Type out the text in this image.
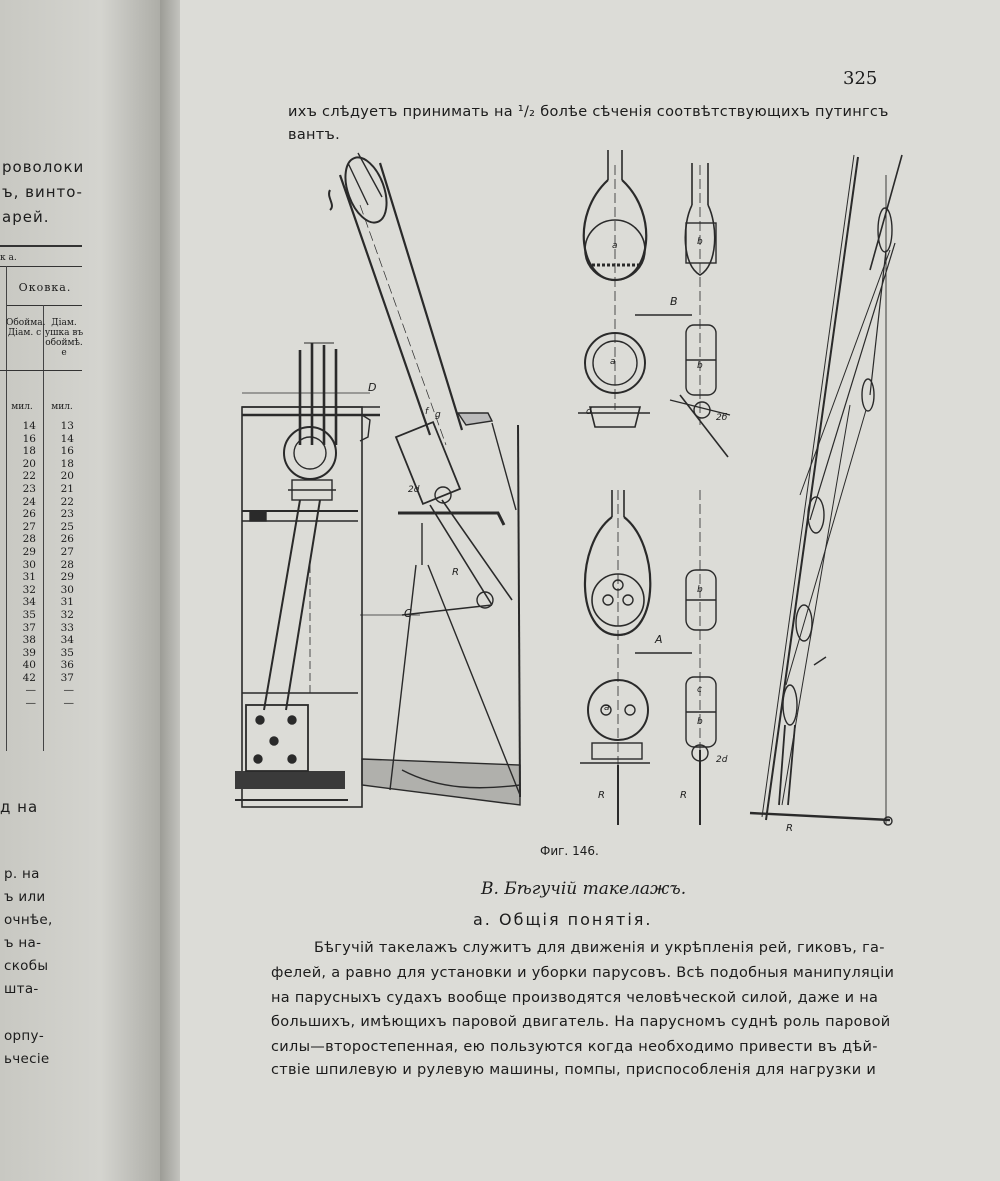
роволоки
ъ, винто-
арей.
к а.
Оковка.
Обойма. Діам. c
Діам. ушка въ обоймѣ. e
мил.	мил.
14
16
18
20
22
23
24
26
27
28
29
30
31
32
34
35
37
38
39
40
42
—
—
13
14
16
18
20
21
22
23
25
26
27
28
29
30
31
32
33
34
35
36
37
—
—
д на
р. на
ъ или
очнѣе,
ъ на-
скобы
шта-
орпу-
ьчеcie
325
ихъ слѣдуетъ принимать на ¹/₂ болѣе сѣченія соотвѣтствующихъ путингсъ
вантъ.
D
C
B
A
R
R	R
R
a
a
a
b
b
b
b
c
d
f g
2d
2d
2б
Фиг. 146.
B. Бѣгучій такелажъ.
a. Общія понятія.
Бѣгучій такелажъ служитъ для движенія и укрѣпленія рей, гиковъ, га-
фелей, а равно для установки и уборки парусовъ. Всѣ подобныя манипуляціи
на парусныхъ судахъ вообще производятся человѣческой силой, даже и на
большихъ, имѣющихъ паровой двигатель. На парусномъ суднѣ роль паровой
силы—второстепенная, ею пользуются когда необходимо привести въ дѣй-
ствіе шпилевую и рулевую машины, помпы, приспособленія для нагрузки и
